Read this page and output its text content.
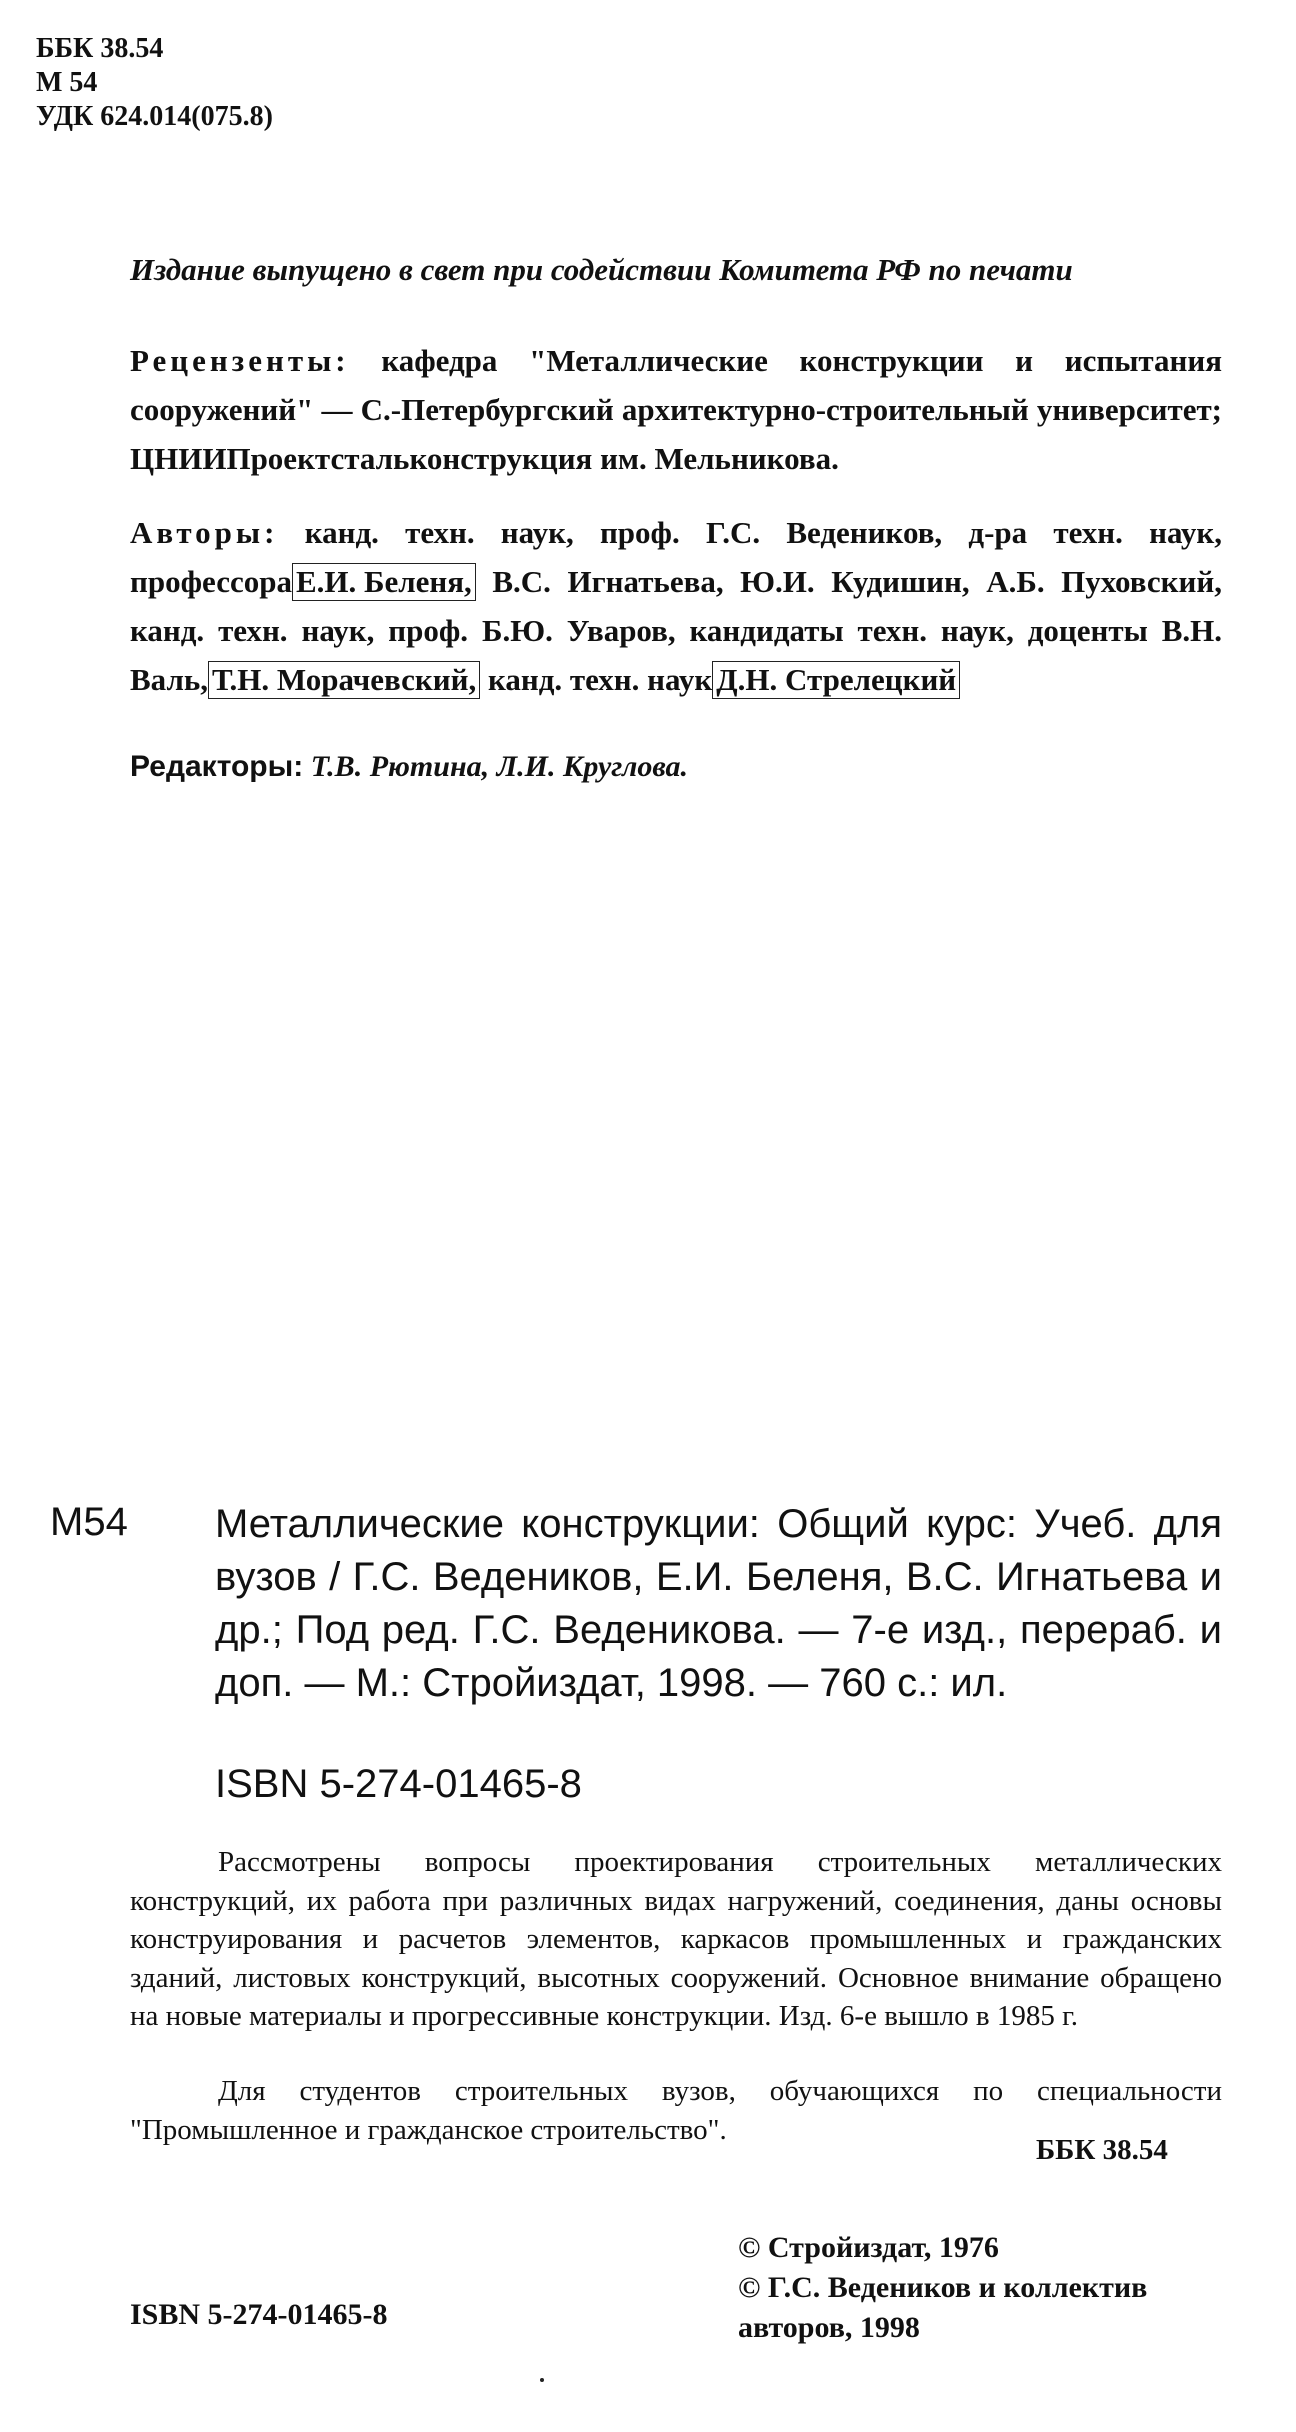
ББК 38.54
М 54
УДК 624.014(075.8)
Издание выпущено в свет при содействии Комитета РФ по печати
Рецензенты: кафедра "Металлические конструкции и испытания сооружений" — С.-Петербургский архитектурно-строительный университет; ЦНИИПроектстальконструкция им. Мельникова.
Авторы: канд. техн. наук, проф. Г.С. Ведеников, д-ра техн. наук, профессора Е.И. Беленя, В.С. Игнатьева, Ю.И. Кудишин, А.Б. Пуховский, канд. техн. наук, проф. Б.Ю. Уваров, кандидаты техн. наук, доценты В.Н. Валь, Т.Н. Морачевский, канд. техн. наук Д.Н. Стрелецкий
Редакторы: Т.В. Рютина, Л.И. Круглова.
М54 Металлические конструкции: Общий курс: Учеб. для вузов / Г.С. Ведеников, Е.И. Беленя, В.С. Игнатьева и др.; Под ред. Г.С. Веденикова. — 7-е изд., перераб. и доп. — М.: Стройиздат, 1998. — 760 с.: ил.
ISBN 5-274-01465-8

Рассмотрены вопросы проектирования строительных металлических конструкций, их работа при различных видах нагружений, соединения, даны основы конструирования и расчетов элементов, каркасов промышленных и гражданских зданий, листовых конструкций, высотных сооружений. Основное внимание обращено на новые материалы и прогрессивные конструкции. Изд. 6-е вышло в 1985 г.

Для студентов строительных вузов, обучающихся по специальности "Промышленное и гражданское строительство".

ББК 38.54
© Стройиздат, 1976
© Г.С. Ведеников и коллектив
авторов, 1998
ISBN 5-274-01465-8
